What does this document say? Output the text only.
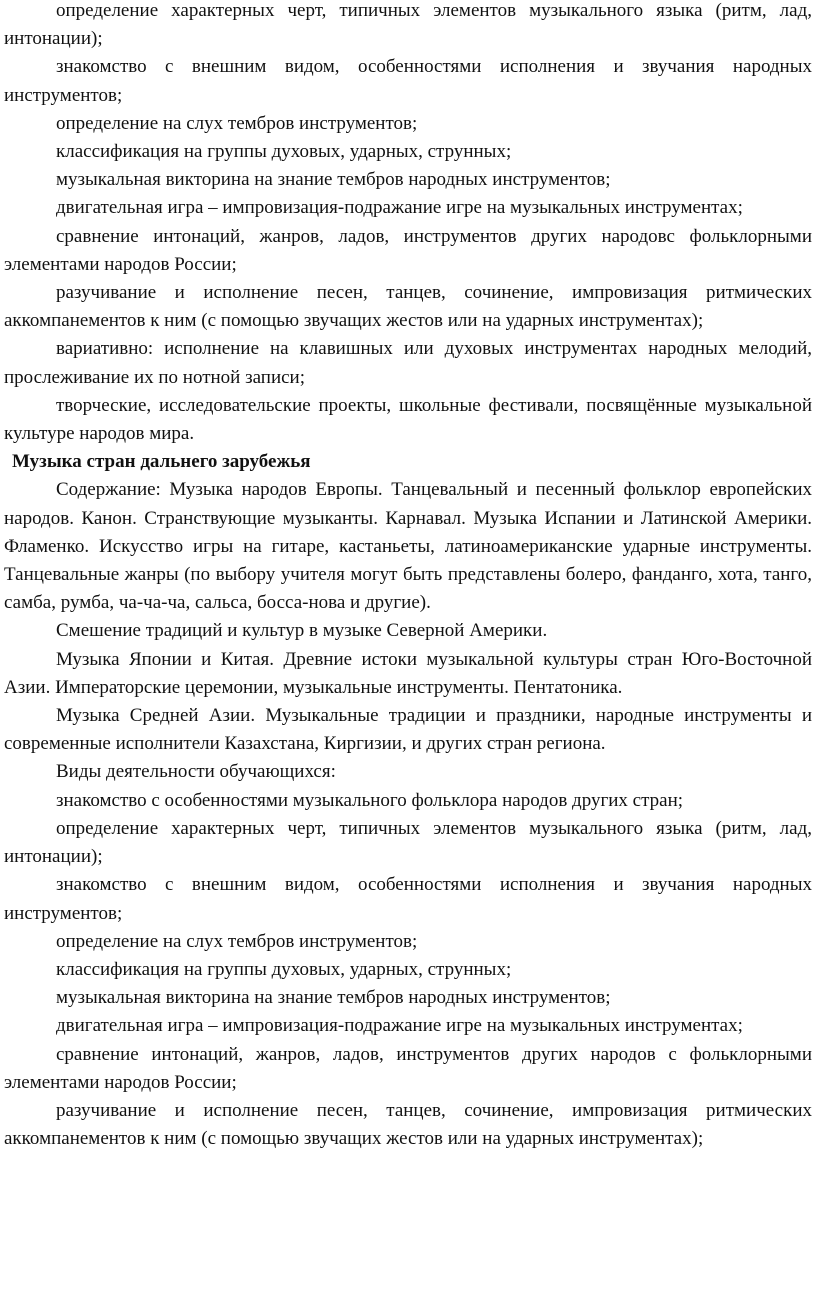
определение характерных черт, типичных элементов музыкального языка (ритм, лад, интонации);

знакомство с внешним видом, особенностями исполнения и звучания народных инструментов;

определение на слух тембров инструментов;

классификация на группы духовых, ударных, струнных;

музыкальная викторина на знание тембров народных инструментов;

двигательная игра – импровизация-подражание игре на музыкальных инструментах;

сравнение интонаций, жанров, ладов, инструментов других народовс фольклорными элементами народов России;

разучивание и исполнение песен, танцев, сочинение, импровизация ритмических аккомпанементов к ним (с помощью звучащих жестов или на ударных инструментах);

вариативно: исполнение на клавишных или духовых инструментах народных мелодий, прослеживание их по нотной записи;

творческие, исследовательские проекты, школьные фестивали, посвящённые музыкальной культуре народов мира.

Музыка стран дальнего зарубежья

Содержание: Музыка народов Европы. Танцевальный и песенный фольклор европейских народов. Канон. Странствующие музыканты. Карнавал. Музыка Испании и Латинской Америки. Фламенко. Искусство игры на гитаре, кастаньеты, латиноамериканские ударные инструменты. Танцевальные жанры (по выбору учителя могут быть представлены болеро, фанданго, хота, танго, самба, румба, ча-ча-ча, сальса, босса-нова и другие).

Смешение традиций и культур в музыке Северной Америки.

Музыка Японии и Китая. Древние истоки музыкальной культуры стран Юго-Восточной Азии. Императорские церемонии, музыкальные инструменты. Пентатоника.

Музыка Средней Азии. Музыкальные традиции и праздники, народные инструменты и современные исполнители Казахстана, Киргизии, и других стран региона.

Виды деятельности обучающихся:

знакомство с особенностями музыкального фольклора народов других стран;

определение характерных черт, типичных элементов музыкального языка (ритм, лад, интонации);

знакомство с внешним видом, особенностями исполнения и звучания народных инструментов;

определение на слух тембров инструментов;

классификация на группы духовых, ударных, струнных;

музыкальная викторина на знание тембров народных инструментов;

двигательная игра – импровизация-подражание игре на музыкальных инструментах;

сравнение интонаций, жанров, ладов, инструментов других народов с фольклорными элементами народов России;

разучивание и исполнение песен, танцев, сочинение, импровизация ритмических аккомпанементов к ним (с помощью звучащих жестов или на ударных инструментах);
